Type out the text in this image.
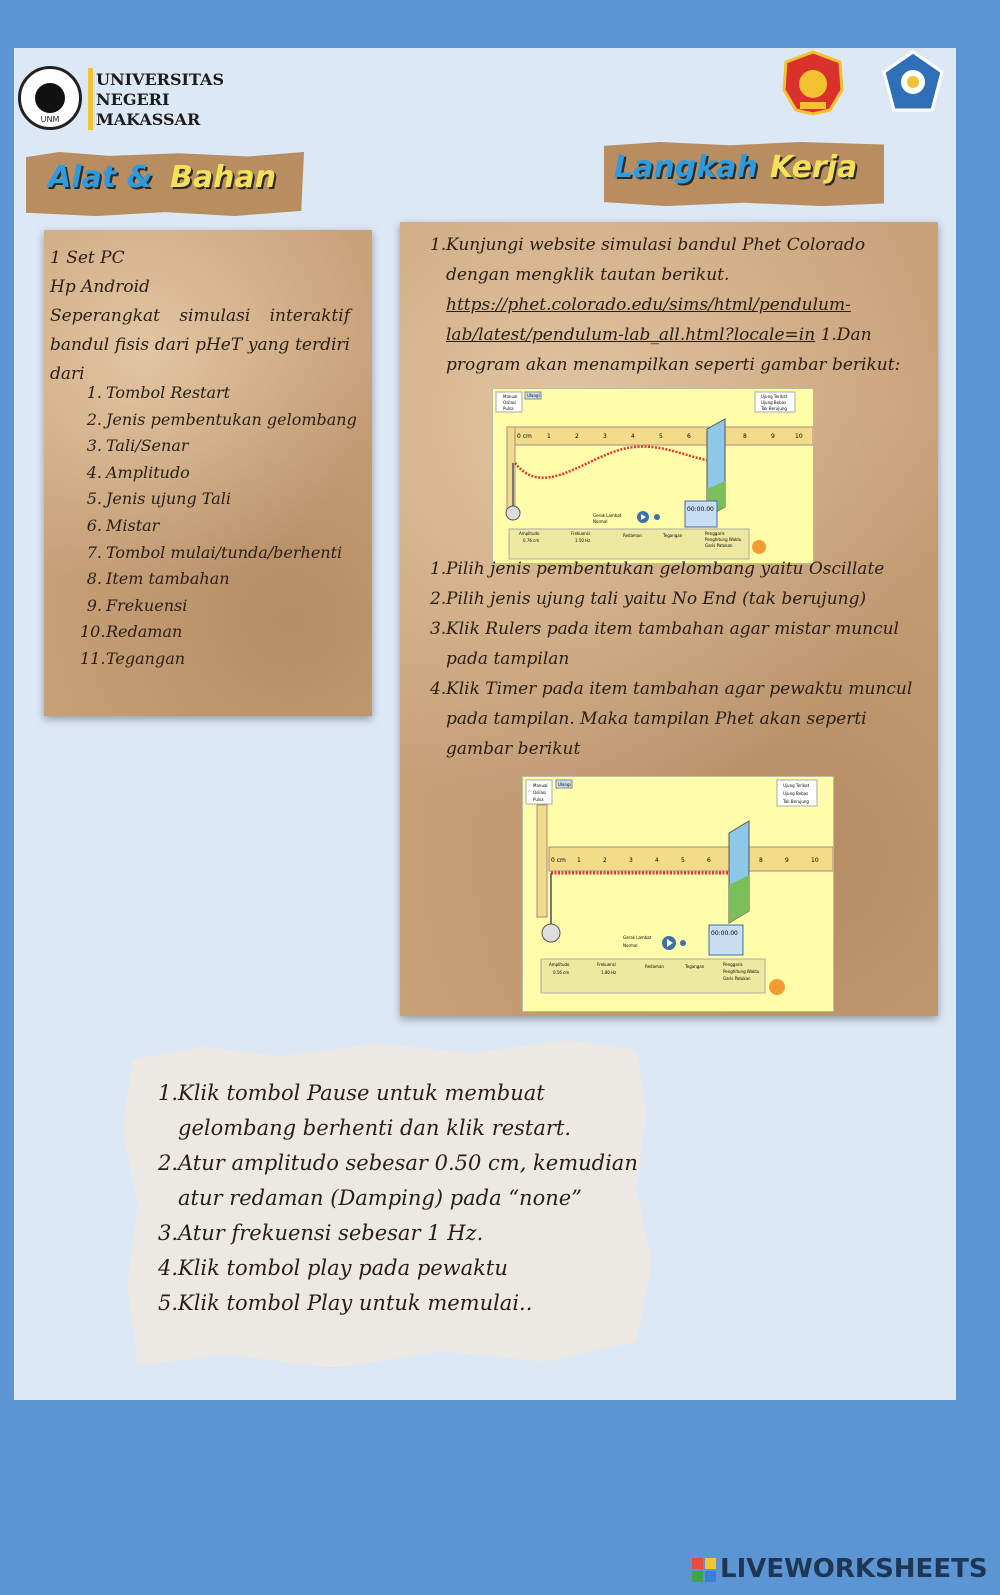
UNM
UNIVERSITAS
NEGERI
MAKASSAR
Alat & Bahan	Langkah Kerja
1 Set PC
Hp Android
Seperangkat simulasi interaktif bandul fisis dari pHeT yang terdiri dari
Tombol Restart
Jenis pembentukan gelombang
Tali/Senar
Amplitudo
Jenis ujung Tali
Mistar
Tombol mulai/tunda/berhenti
Item tambahan
Frekuensi
Redaman
Tegangan
Kunjungi website simulasi bandul Phet Colorado dengan mengklik tautan berikut.
https://phet.colorado.edu/sims/html/pendulum-lab/latest/pendulum-lab_all.html?locale=in 1.Dan program akan menampilkan seperti gambar berikut:
Manual
Osilasi
Pulsa
Ulangi	Ujung Terikat
Ujung Bebas
Tak Berujung
0 cm	1	2	3	4	5	6	8	9	10
Gerak Lambat
Normal
00:00.00
Amplitudo
0.76 cm
Frekuensi
1.50 Hz
Redaman	Tegangan	Penggaris
Penghitung Waktu
Garis Patokan
Pilih jenis pembentukan gelombang yaitu Oscillate
Pilih jenis ujung tali yaitu No End (tak berujung)
Klik Rulers pada item tambahan agar mistar muncul pada tampilan
Klik Timer pada item tambahan agar pewaktu muncul pada tampilan. Maka tampilan Phet akan seperti gambar berikut
Manual
Osilasi
Pulsa
Ulangi	Ujung Terikat
Ujung Bebas
Tak Berujung
0 cm 1	2	3	4	5	6	8	9	10
Gerak Lambat
Normal
00:00.00
Amplitudo
0.56 cm
Frekuensi
1.80 Hz
Redaman	Tegangan	Penggaris
Penghitung Waktu
Garis Patokan
Klik tombol Pause untuk membuat gelombang berhenti dan klik restart.
Atur amplitudo sebesar 0.50 cm, kemudian atur redaman (Damping) pada “none”
Atur frekuensi sebesar 1 Hz.
Klik tombol play pada pewaktu
Klik tombol Play untuk memulai..
LIVEWORKSHEETS
